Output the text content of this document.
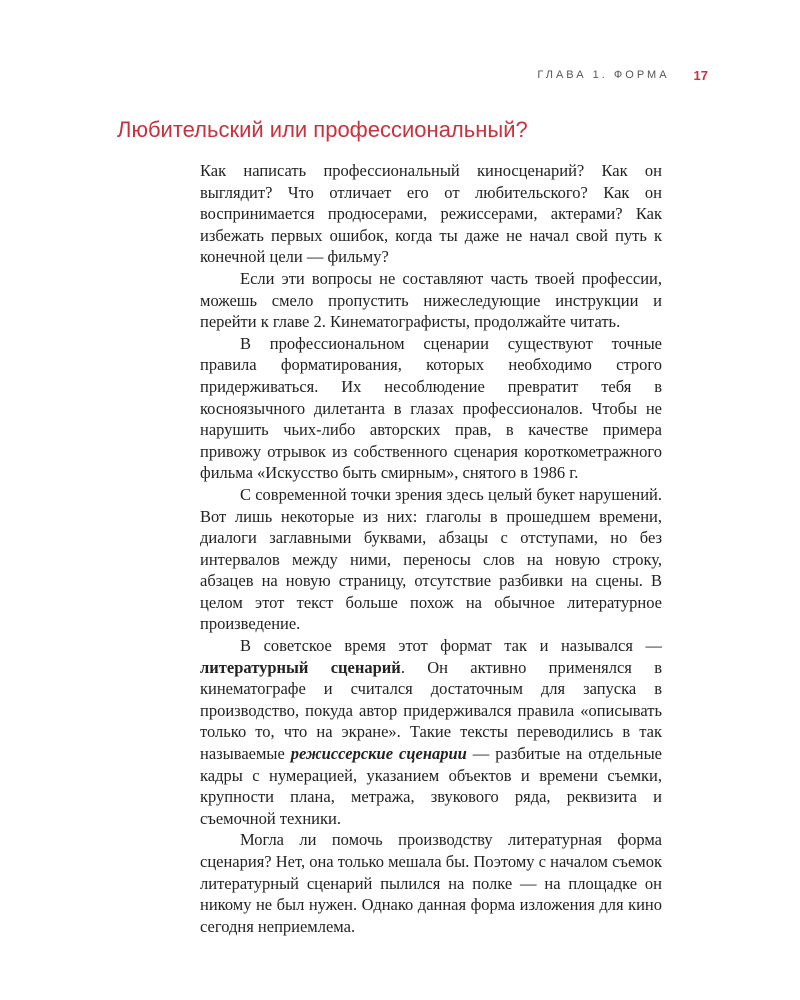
ГЛАВА 1. ФОРМА 17
Любительский или профессиональный?

Как написать профессиональный киносценарий? Как он выглядит? Что отличает его от любительского? Как он воспринимается продюсерами, режиссерами, актерами? Как избежать первых ошибок, когда ты даже не начал свой путь к конечной цели — фильму?

Если эти вопросы не составляют часть твоей профессии, можешь смело пропустить нижеследующие инструкции и перейти к главе 2. Кинематографисты, продолжайте читать.

В профессиональном сценарии существуют точные правила форматирования, которых необходимо строго придерживаться. Их несоблюдение превратит тебя в косноязычного дилетанта в глазах профессионалов. Чтобы не нарушить чьих-либо авторских прав, в качестве примера привожу отрывок из собственного сценария короткометражного фильма «Искусство быть смирным», снятого в 1986 г.

С современной точки зрения здесь целый букет нарушений. Вот лишь некоторые из них: глаголы в прошедшем времени, диалоги заглавными буквами, абзацы с отступами, но без интервалов между ними, переносы слов на новую строку, абзацев на новую страницу, отсутствие разбивки на сцены. В целом этот текст больше похож на обычное литературное произведение.

В советское время этот формат так и назывался — литературный сценарий. Он активно применялся в кинематографе и считался достаточным для запуска в производство, покуда автор придерживался правила «описывать только то, что на экране». Такие тексты переводились в так называемые режиссерские сценарии — разбитые на отдельные кадры с нумерацией, указанием объектов и времени съемки, крупности плана, метража, звукового ряда, реквизита и съемочной техники.

Могла ли помочь производству литературная форма сценария? Нет, она только мешала бы. Поэтому с началом съемок литературный сценарий пылился на полке — на площадке он никому не был нужен. Однако данная форма изложения для кино сегодня неприемлема.
